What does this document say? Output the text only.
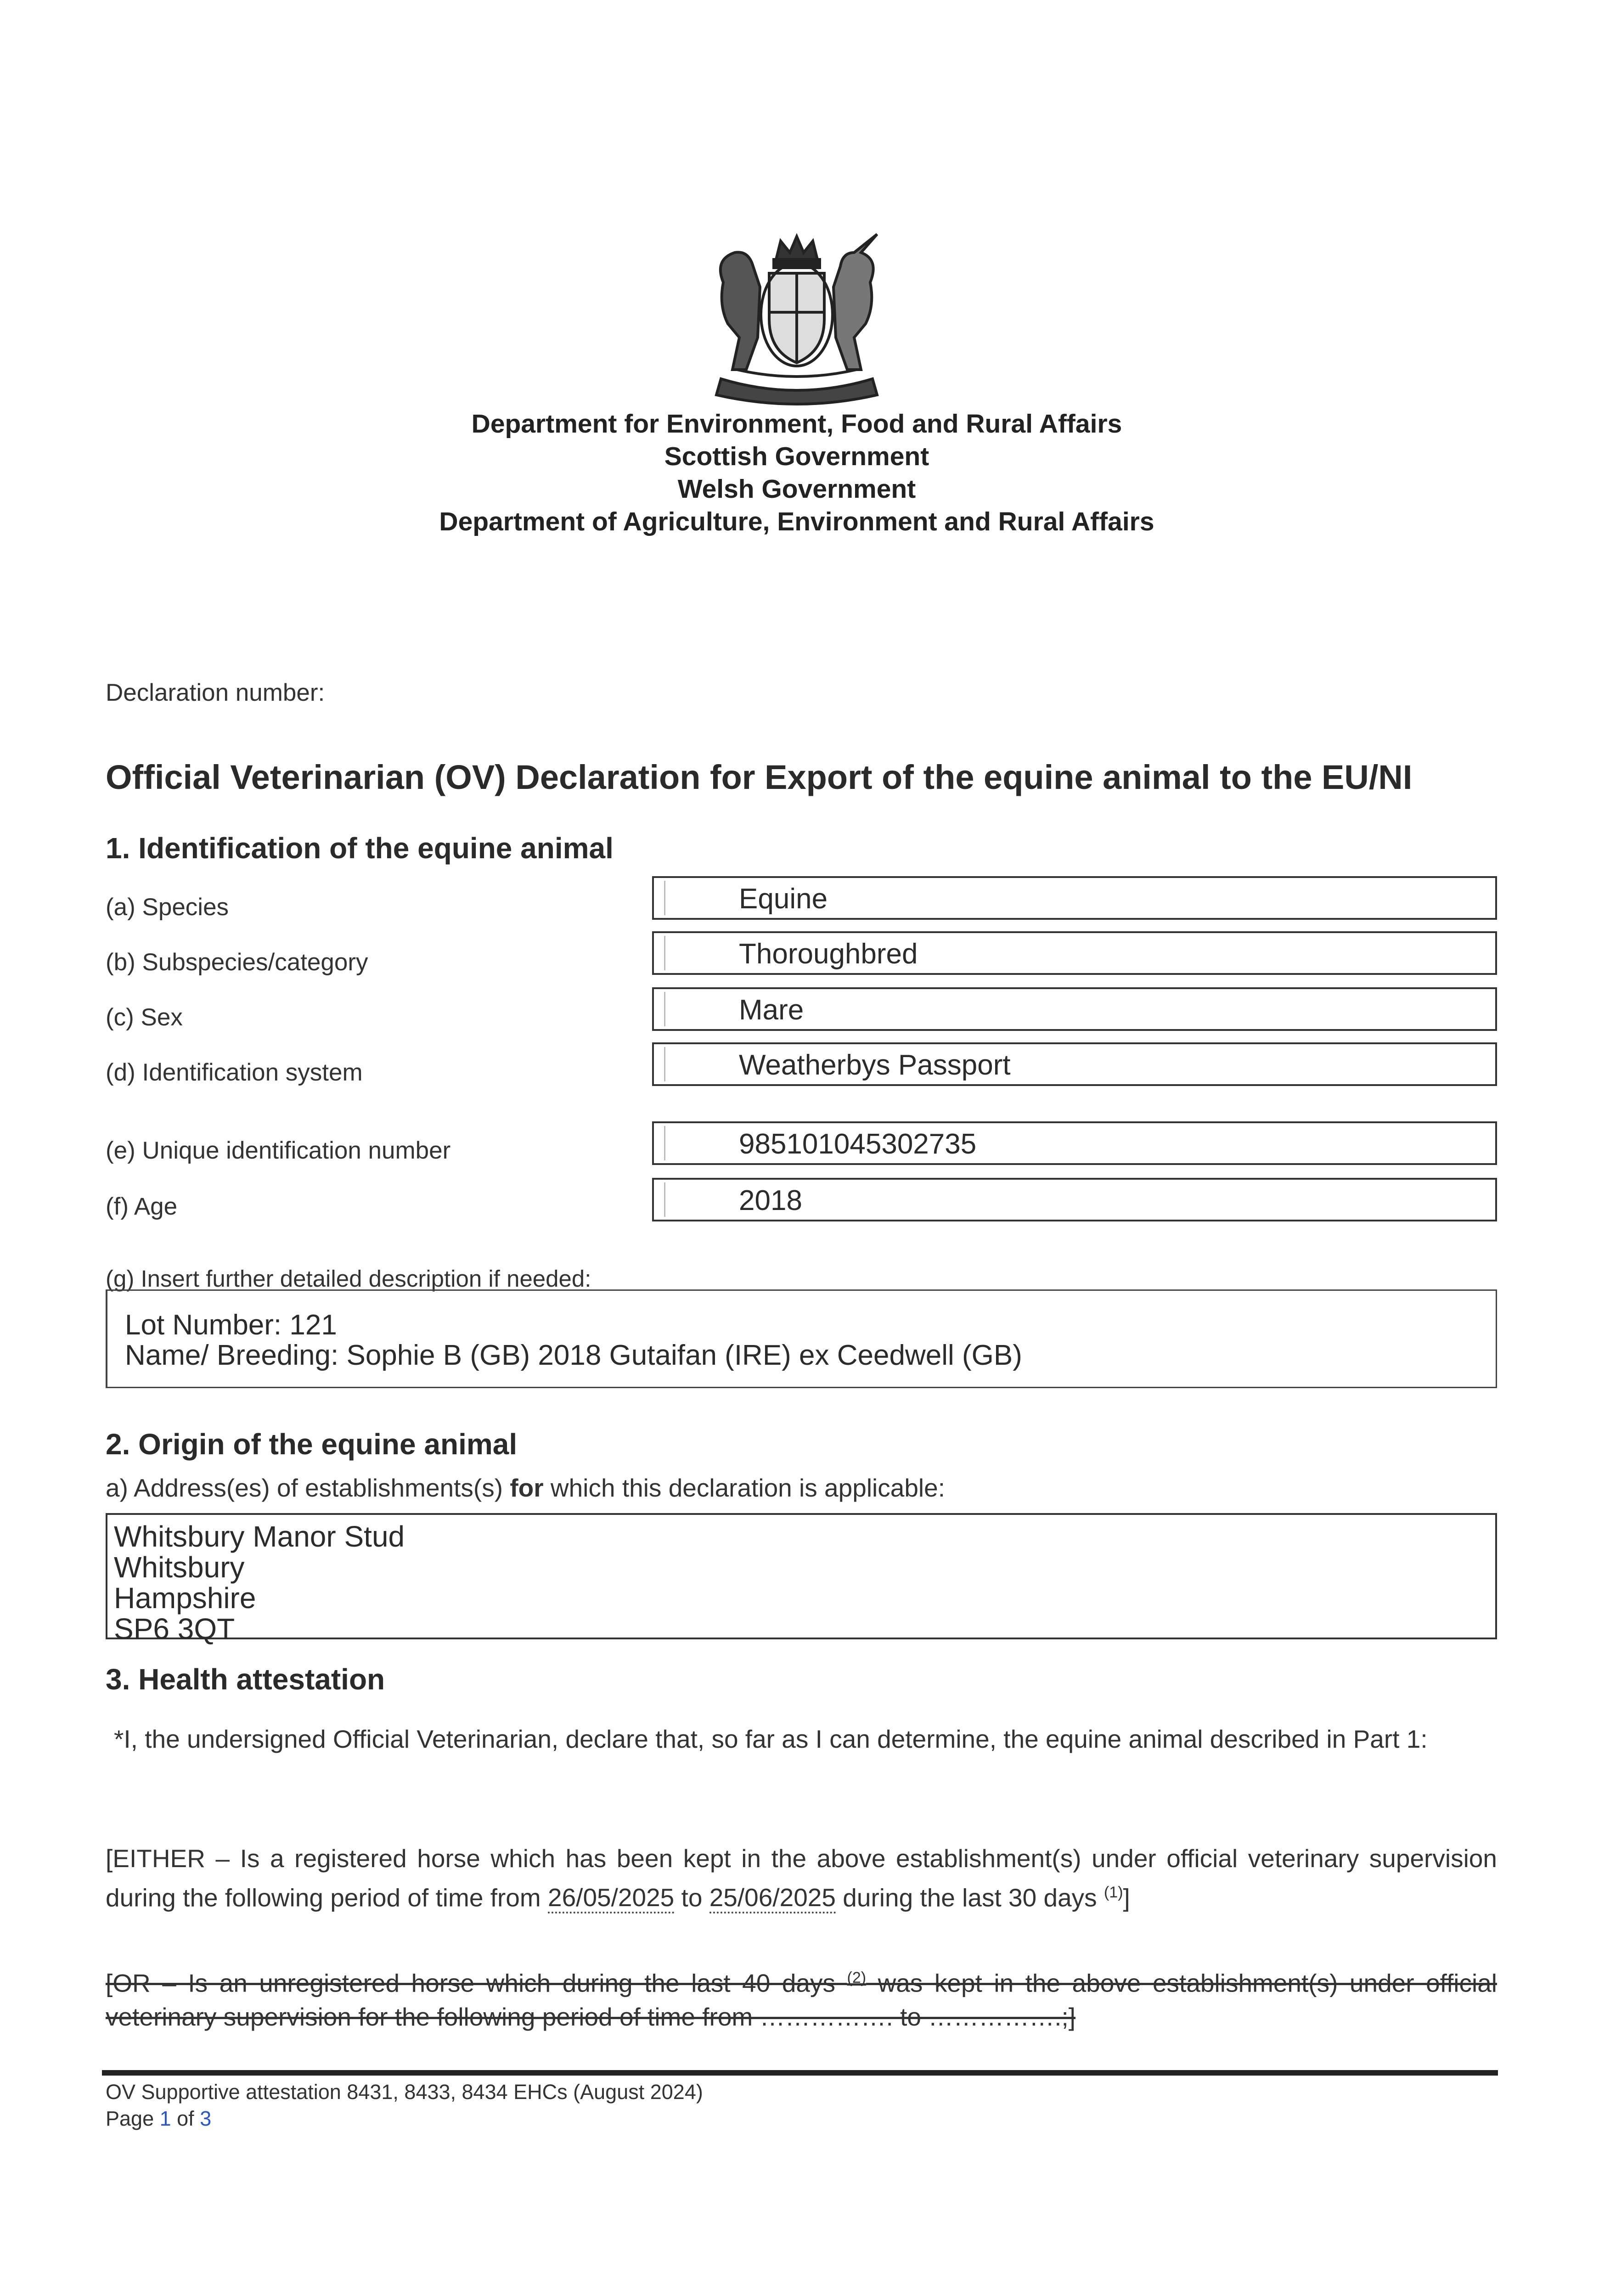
Department for Environment, Food and Rural Affairs
Scottish Government
Welsh Government
Department of Agriculture, Environment and Rural Affairs
Declaration number:
Official Veterinarian (OV) Declaration for Export of the equine animal to the EU/NI
1. Identification of the equine animal
(a) Species	Equine
(b) Subspecies/category	Thoroughbred
(c) Sex	Mare
(d) Identification system	Weatherbys Passport
(e) Unique identification number	985101045302735
(f) Age	2018
(g) Insert further detailed description if needed:
Lot Number: 121
Name/ Breeding: Sophie B (GB) 2018 Gutaifan (IRE) ex Ceedwell (GB)
2. Origin of the equine animal
a) Address(es) of establishments(s) for which this declaration is applicable:
Whitsbury Manor Stud
Whitsbury
Hampshire
SP6 3QT
3. Health attestation
*I, the undersigned Official Veterinarian, declare that, so far as I can determine, the equine animal described in Part 1:
[EITHER – Is a registered horse which has been kept in the above establishment(s) under official veterinary supervision during the following period of time from 26/05/2025 to 25/06/2025 during the last 30 days $^{(1)}$]
[OR – Is an unregistered horse which during the last 40 days $^{(2)}$ was kept in the above establishment(s) under official veterinary supervision for the following period of time from ……………. to …………….;]
OV Supportive attestation 8431, 8433, 8434 EHCs (August 2024)
Page 1 of 3
